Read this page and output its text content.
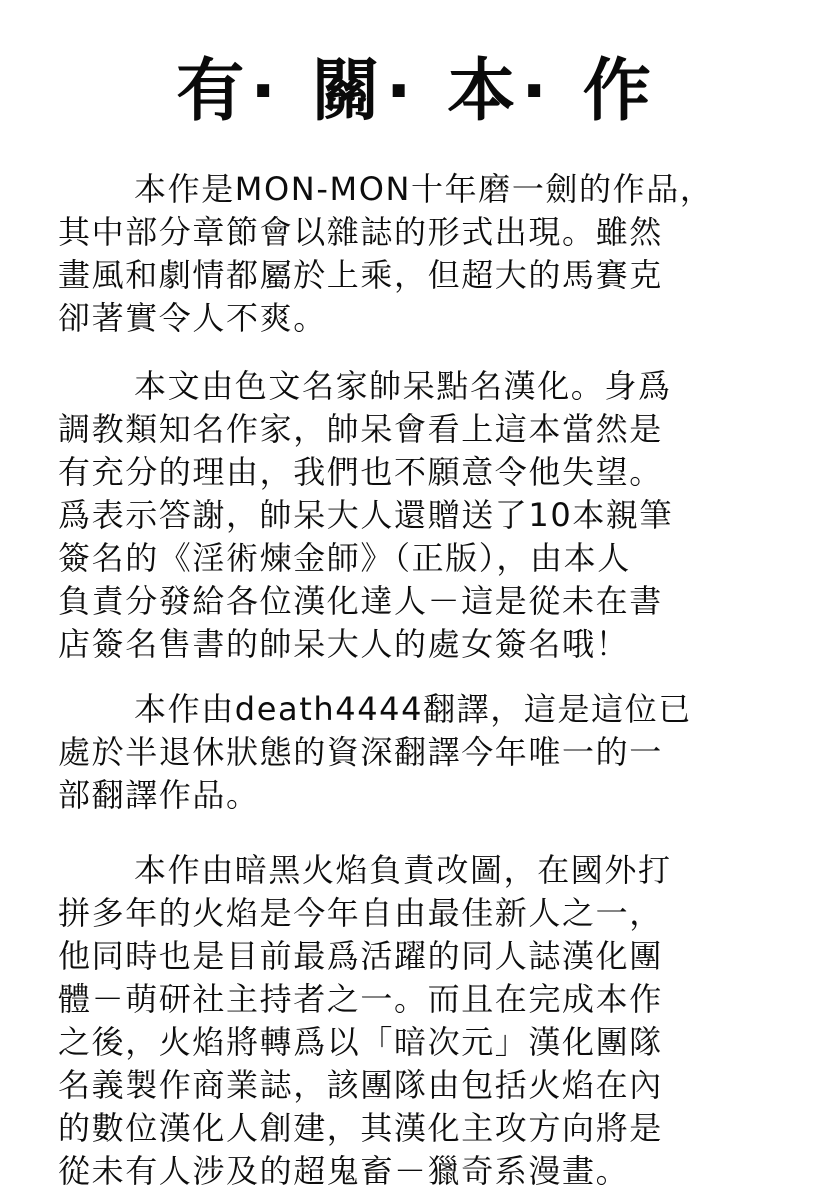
有· 關· 本· 作
本作是MON-MON十年磨一劍的作品，
其中部分章節會以雜誌的形式出現。雖然
畫風和劇情都屬於上乘，但超大的馬賽克
卻著實令人不爽。
本文由色文名家帥呆點名漢化。身爲
調教類知名作家，帥呆會看上這本當然是
有充分的理由，我們也不願意令他失望。
爲表示答謝，帥呆大人還贈送了10本親筆
簽名的《淫術煉金師》（正版），由本人
負責分發給各位漢化達人－這是從未在書
店簽名售書的帥呆大人的處女簽名哦！
本作由death4444翻譯，這是這位已
處於半退休狀態的資深翻譯今年唯一的一
部翻譯作品。
本作由暗黑火焰負責改圖，在國外打
拼多年的火焰是今年自由最佳新人之一，
他同時也是目前最爲活躍的同人誌漢化團
體－萌研社主持者之一。而且在完成本作
之後，火焰將轉爲以「暗次元」漢化團隊
名義製作商業誌，該團隊由包括火焰在內
的數位漢化人創建，其漢化主攻方向將是
從未有人涉及的超鬼畜－獵奇系漫畫。
